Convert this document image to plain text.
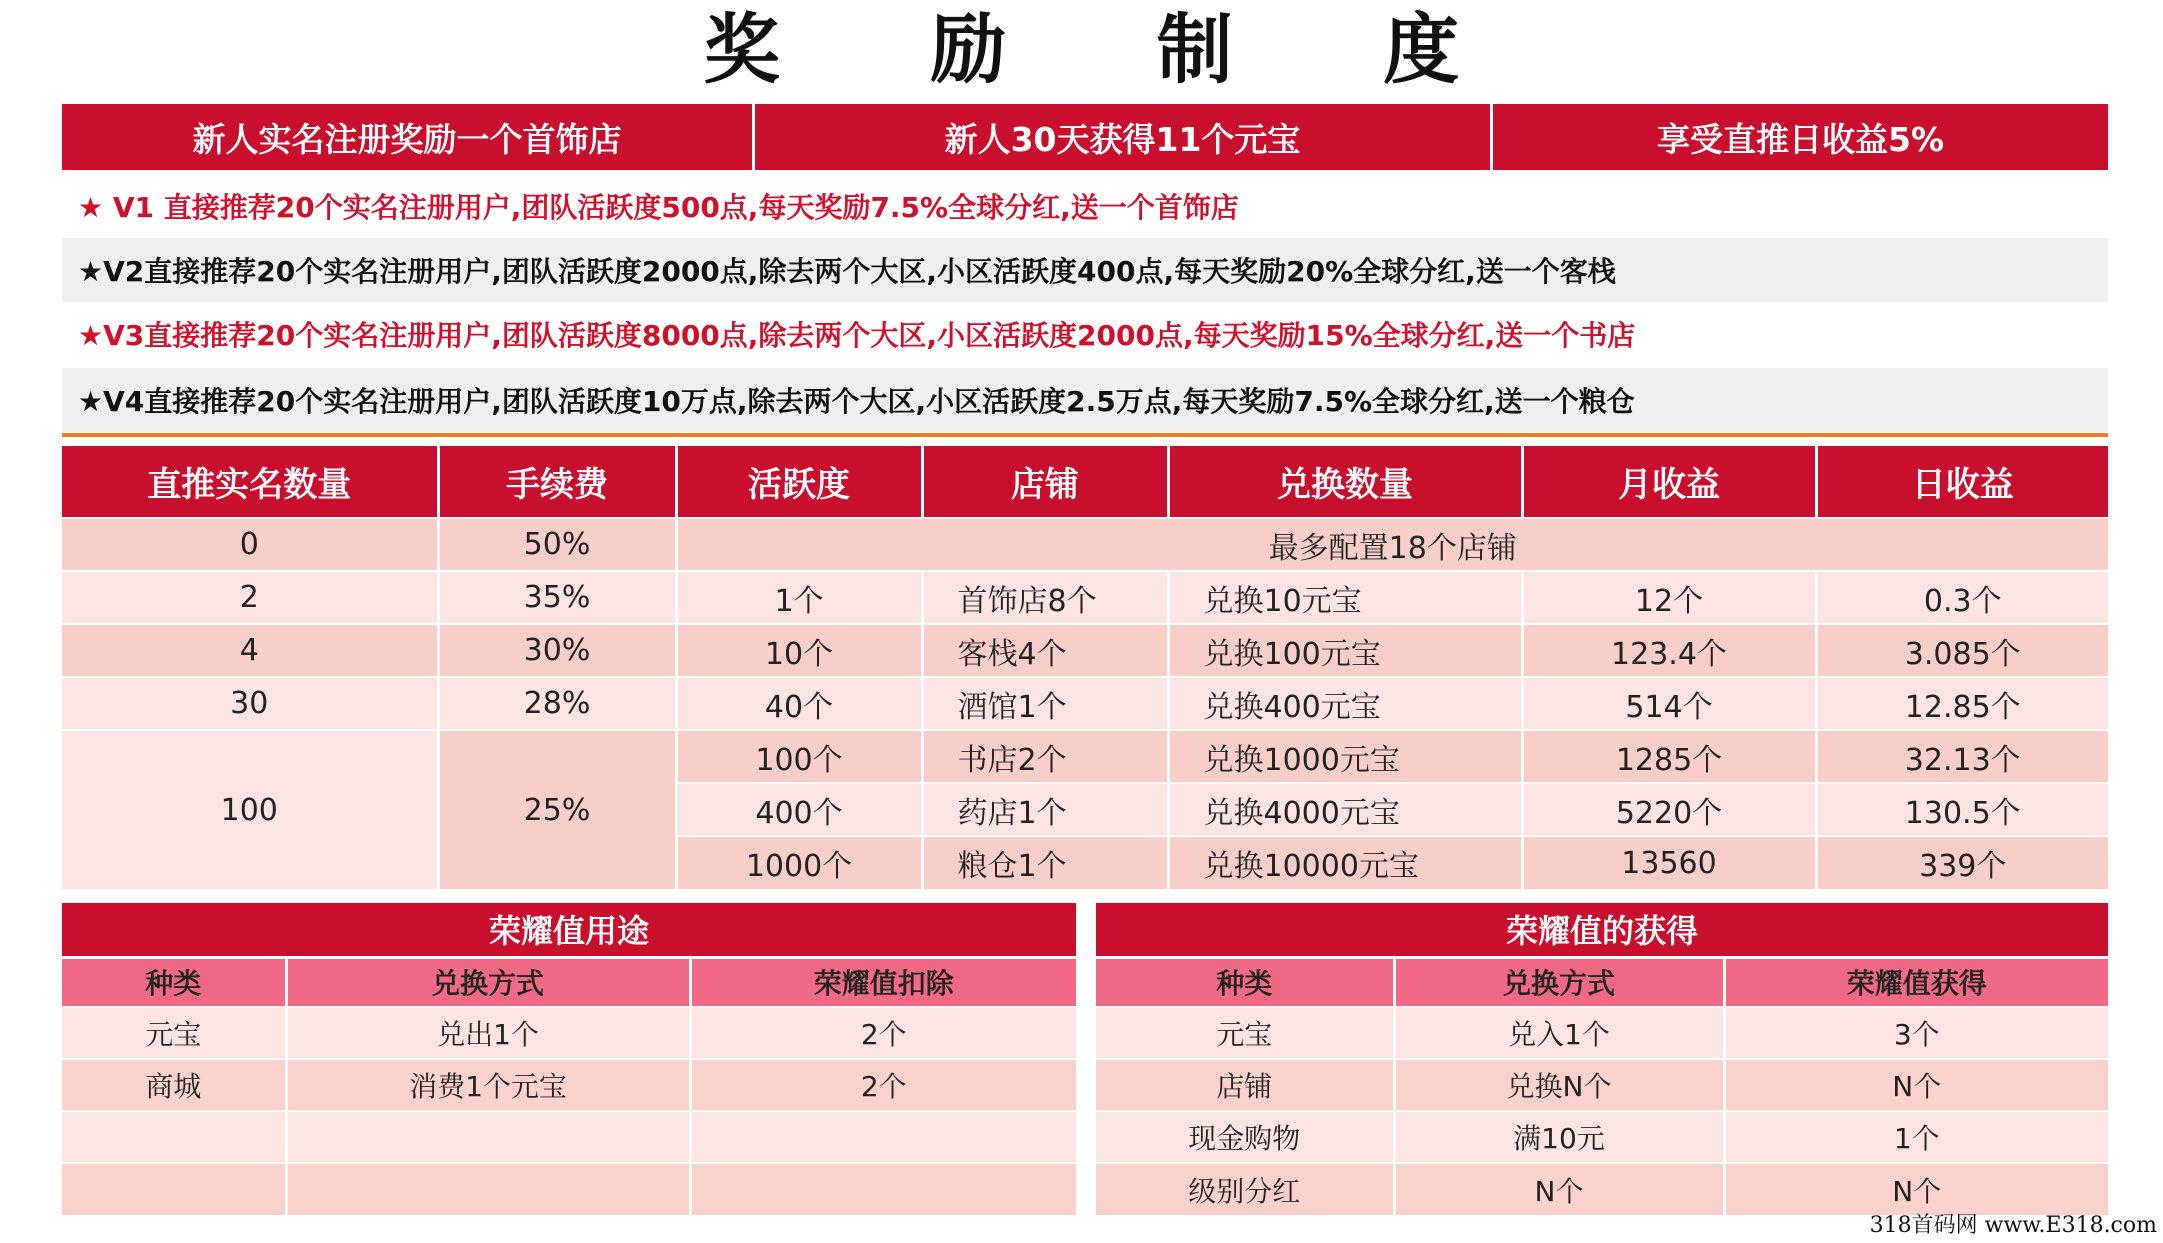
奖 励 制 度
新人实名注册奖励一个首饰店	新人30天获得11个元宝	享受直推日收益5%
★ V1 直接推荐20个实名注册用户,团队活跃度500点,每天奖励7.5%全球分红,送一个首饰店
★V2直接推荐20个实名注册用户,团队活跃度2000点,除去两个大区,小区活跃度400点,每天奖励20%全球分红,送一个客栈
★V3直接推荐20个实名注册用户,团队活跃度8000点,除去两个大区,小区活跃度2000点,每天奖励15%全球分红,送一个书店
★V4直接推荐20个实名注册用户,团队活跃度10万点,除去两个大区,小区活跃度2.5万点,每天奖励7.5%全球分红,送一个粮仓
直推实名数量	手续费	活跃度	店铺	兑换数量	月收益	日收益
0	50%	最多配置18个店铺				
2	35%	1个	首饰店8个	兑换10元宝	12个	0.3个
4	30%	10个	客栈4个	兑换100元宝	123.4个	3.085个
30	28%	40个	酒馆1个	兑换400元宝	514个	12.85个
100	25%	100个	书店2个	兑换1000元宝	1285个	32.13个
		400个	药店1个	兑换4000元宝	5220个	130.5个
		1000个	粮仓1个	兑换10000元宝	13560	339个
荣耀值用途		
种类	兑换方式	荣耀值扣除
元宝	兑出1个	2个
商城	消费1个元宝	2个

荣耀值的获得		
种类	兑换方式	荣耀值获得
元宝	兑入1个	3个
店铺	兑换N个	N个
现金购物	满10元	1个
级别分红	N个	N个
318首码网 www.E318.com
